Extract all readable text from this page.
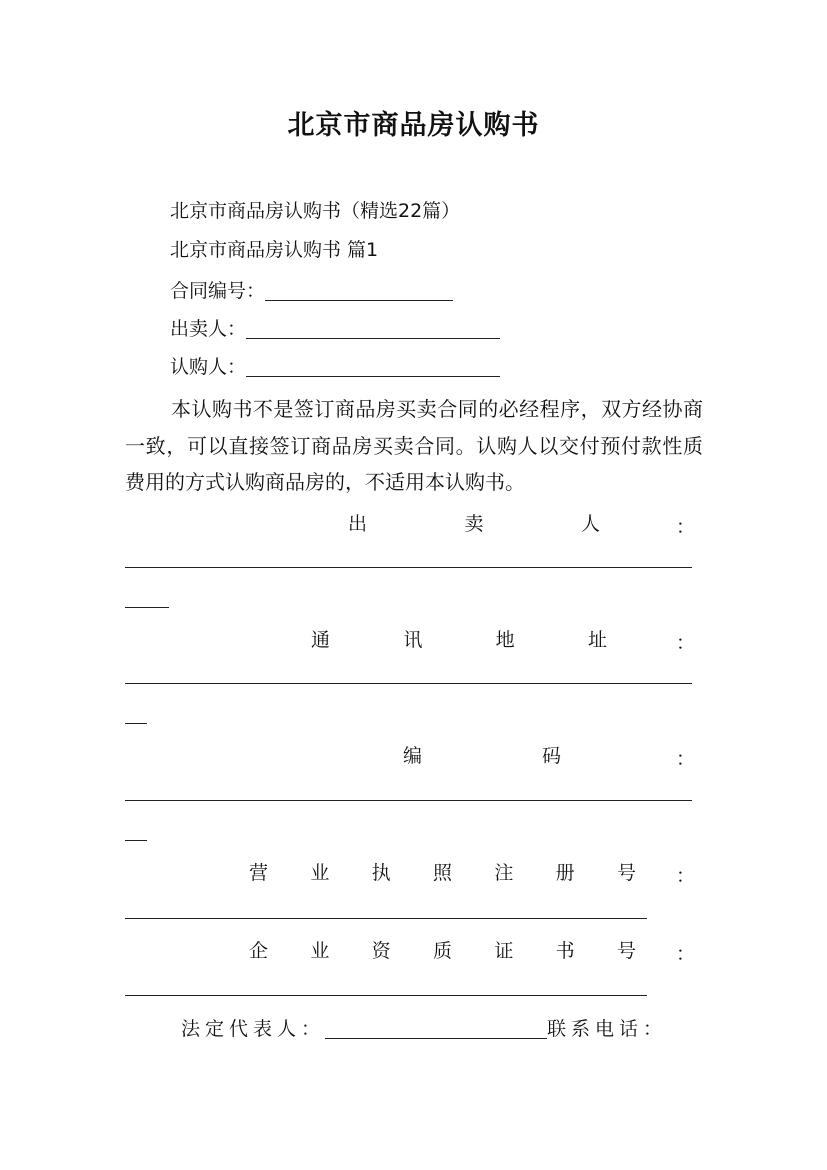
北京市商品房认购书
北京市商品房认购书（精选22篇）
北京市商品房认购书 篇1
合同编号：
出卖人：
认购人：
本认购书不是签订商品房买卖合同的必经程序，双方经协商一致，可以直接签订商品房买卖合同。认购人以交付预付款性质费用的方式认购商品房的，不适用本认购书。
出	卖	人	：
通	讯	地	址	：
编	码	：
营 业 执 照 注 册 号 ：
企 业 资 质 证 书 号 ：
法定代表人：	联系电话：
